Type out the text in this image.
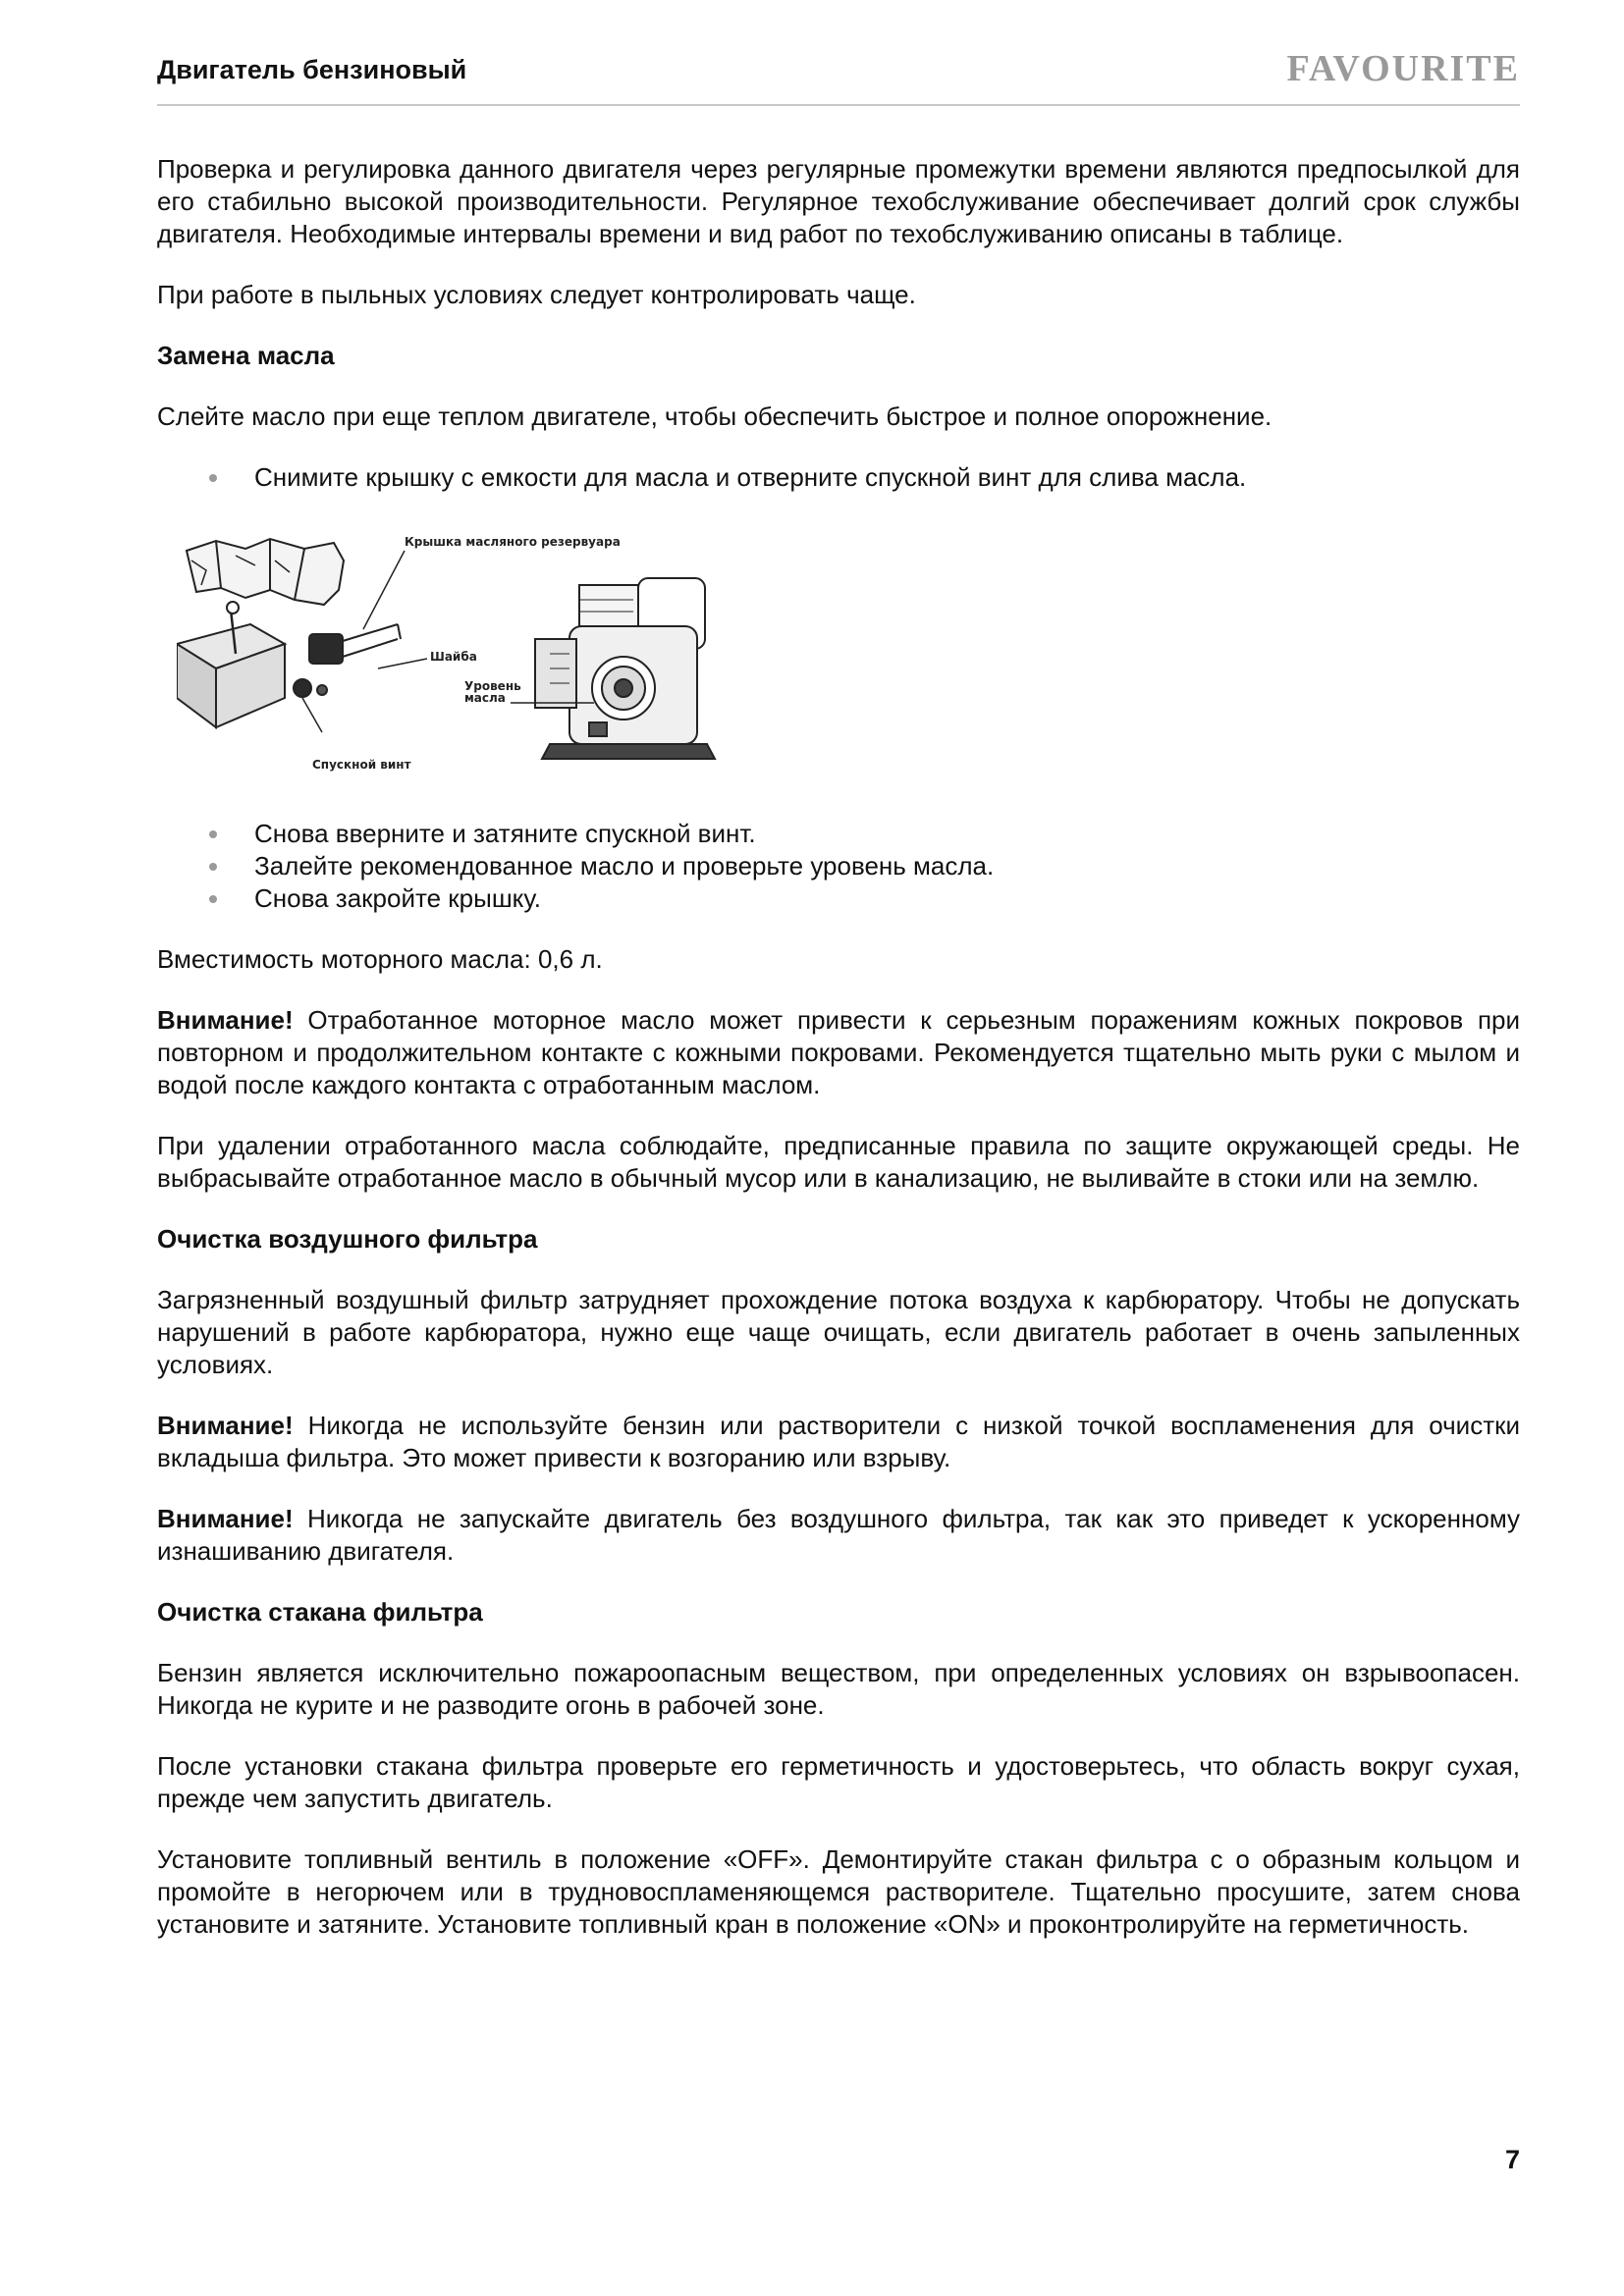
Двигатель бензиновый	FAVOURITE

Проверка и регулировка данного двигателя через регулярные промежутки времени являются предпосылкой для его стабильно высокой производительности. Регулярное техобслуживание обеспечивает долгий срок службы двигателя. Необходимые интервалы времени и вид работ по техобслуживанию описаны в таблице.

При работе в пыльных условиях следует контролировать чаще.

Замена масла

Слейте масло при еще теплом двигателе, чтобы обеспечить быстрое и полное опорожнение.

Снимите крышку с емкости для масла и отверните спускной винт для слива масла.
Крышка масляного резервуара
Шайба
Уровень
масла
Спускной винт
Снова вверните и затяните спускной винт.
Залейте рекомендованное масло и проверьте уровень масла.
Снова закройте крышку.

Вместимость моторного масла: 0,6 л.

Внимание! Отработанное моторное масло может привести к серьезным поражениям кожных покровов при повторном и продолжительном контакте с кожными покровами. Рекомендуется тщательно мыть руки с мылом и водой после каждого контакта с отработанным маслом.

При удалении отработанного масла соблюдайте, предписанные правила по защите окружающей среды. Не выбрасывайте отработанное масло в обычный мусор или в канализацию, не выливайте в стоки или на землю.

Очистка воздушного фильтра

Загрязненный воздушный фильтр затрудняет прохождение потока воздуха к карбюратору. Чтобы не допускать нарушений в работе карбюратора, нужно еще чаще очищать, если двигатель работает в очень запыленных условиях.

Внимание! Никогда не используйте бензин или растворители с низкой точкой воспламенения для очистки вкладыша фильтра. Это может привести к возгоранию или взрыву.

Внимание! Никогда не запускайте двигатель без воздушного фильтра, так как это приведет к ускоренному изнашиванию двигателя.

Очистка стакана фильтра

Бензин является исключительно пожароопасным веществом, при определенных условиях он взрывоопасен. Никогда не курите и не разводите огонь в рабочей зоне.

После установки стакана фильтра проверьте его герметичность и удостоверьтесь, что область вокруг сухая, прежде чем запустить двигатель.

Установите топливный вентиль в положение «OFF». Демонтируйте стакан фильтра с о образным кольцом и промойте в негорючем или в трудновоспламеняющемся растворителе. Тщательно просушите, затем снова установите и затяните. Установите топливный кран в положение «ON» и проконтролируйте на герметичность.

7
